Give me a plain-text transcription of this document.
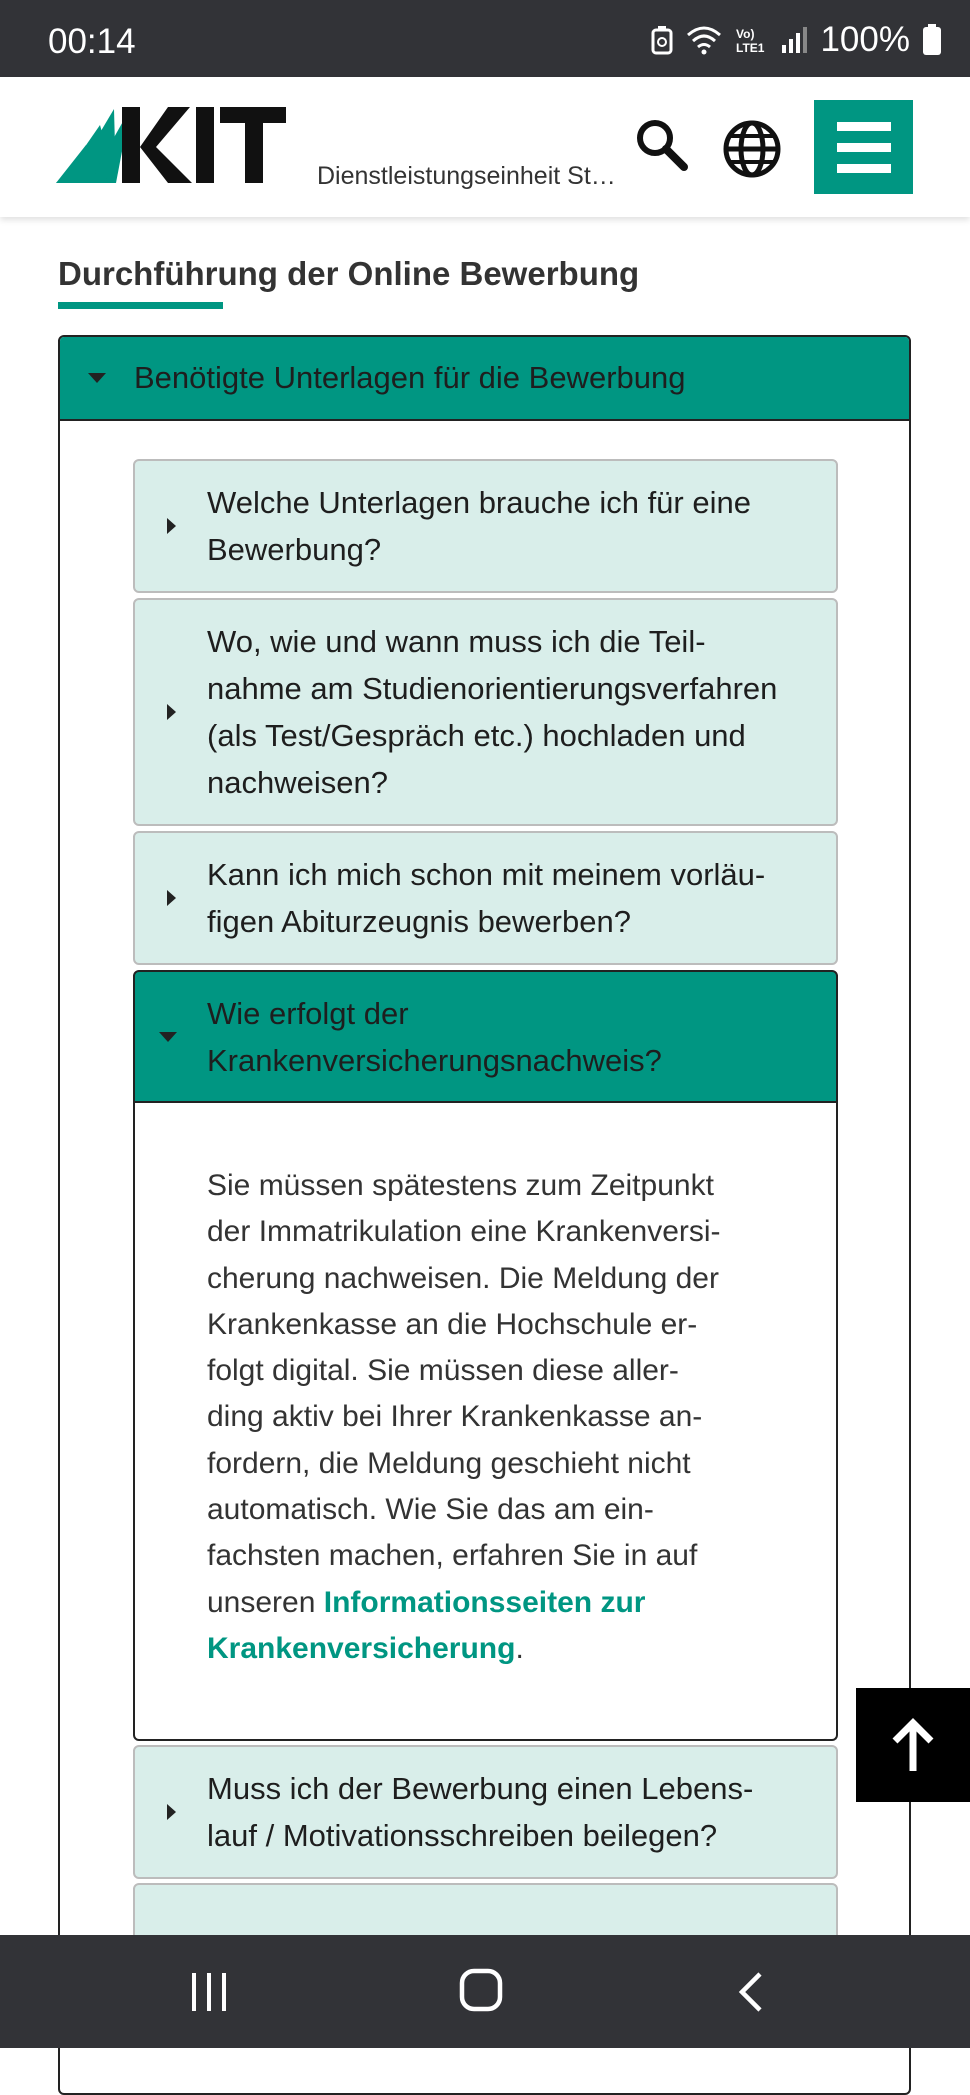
00:14	Vo)
LTE1 100%
Dienstleistungseinheit St…
Durchführung der Online Bewerbung
Benötigte Unterlagen für die Bewerbung
Welche Unterlagen brauche ich für eine
Bewerbung?
Wo, wie und wann muss ich die Teil-
nahme am Studienorientierungsverfahren
(als Test/Gespräch etc.) hochladen und
nachweisen?
Kann ich mich schon mit meinem vorläu-
figen Abiturzeugnis bewerben?
Wie erfolgt der
Krankenversicherungsnachweis?

Sie müssen spätestens zum Zeitpunkt
der Immatrikulation eine Krankenversi-
cherung nachweisen. Die Meldung der
Krankenkasse an die Hochschule er-
folgt digital. Sie müssen diese aller-
ding aktiv bei Ihrer Krankenkasse an-
fordern, die Meldung geschieht nicht
automatisch. Wie Sie das am ein-
fachsten machen, erfahren Sie in auf
unseren Informationsseiten zur
Krankenversicherung.

Muss ich der Bewerbung einen Lebens-
lauf / Motivationsschreiben beilegen?
